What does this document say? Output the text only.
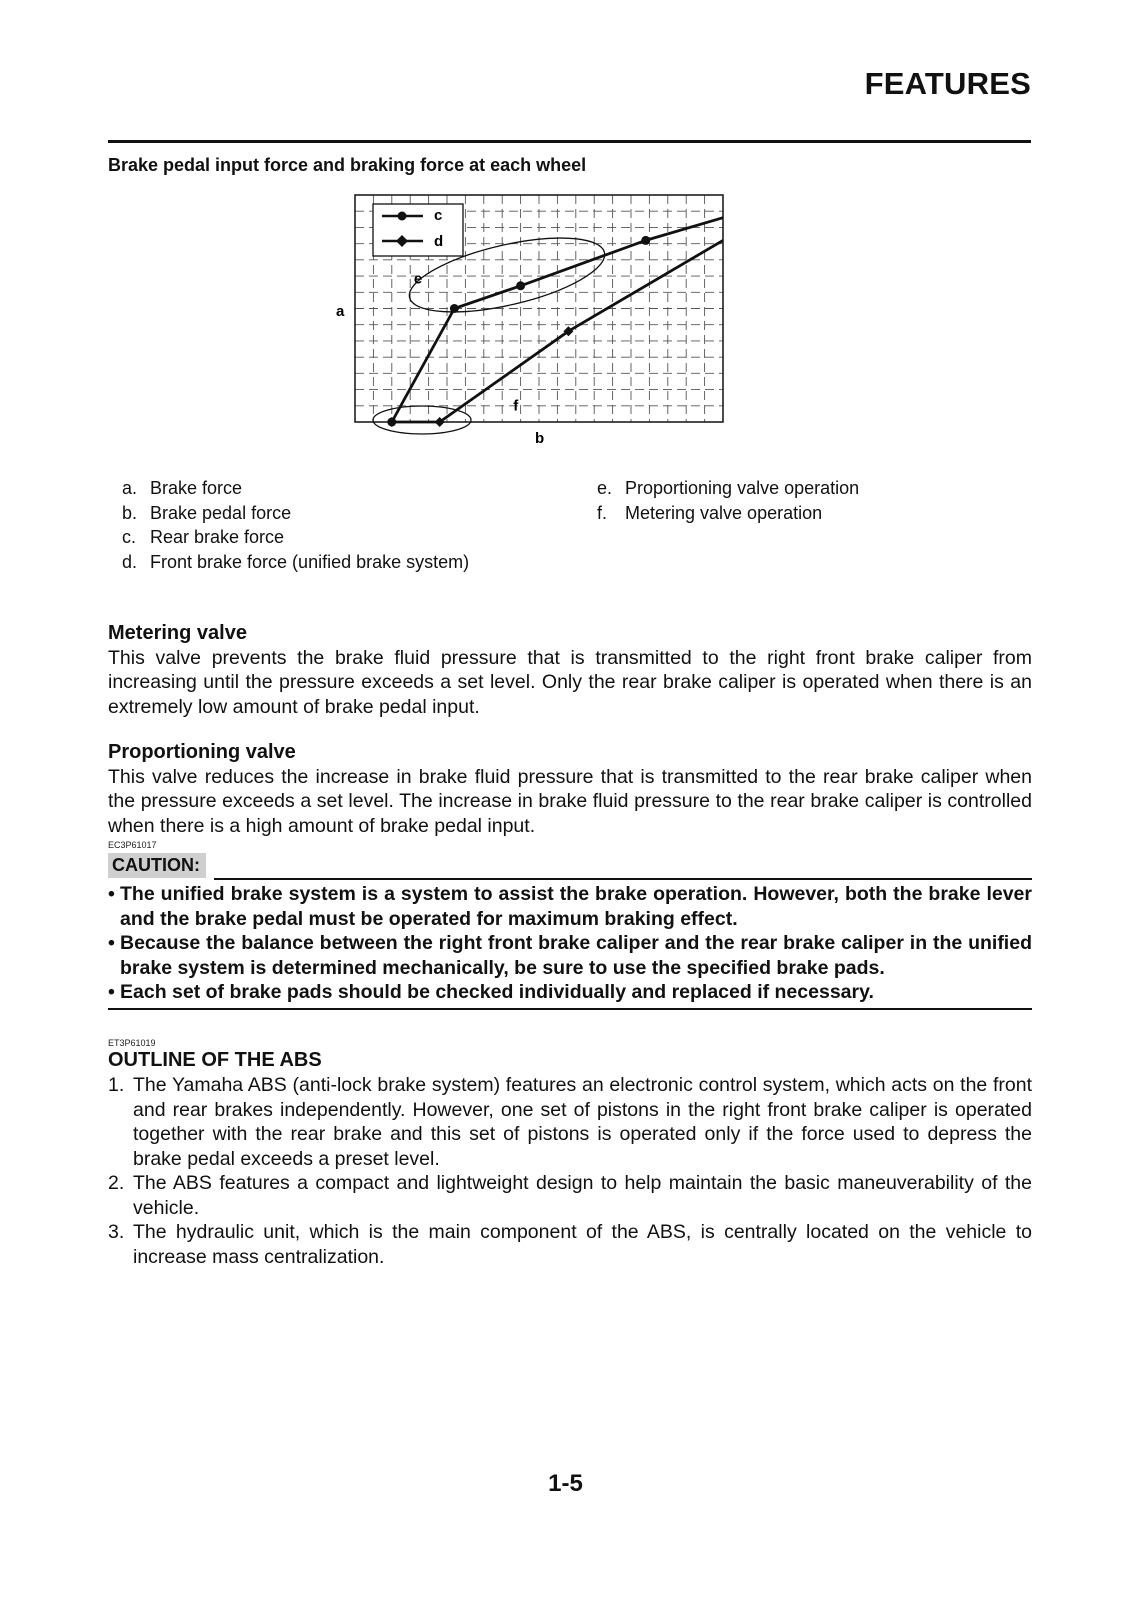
FEATURES
Brake pedal input force and braking force at each wheel
c
d
e
f
a
b
a. Brake force
b. Brake pedal force
c. Rear brake force
d. Front brake force (unified brake system)
e. Proportioning valve operation
f. Metering valve operation
Metering valve

This valve prevents the brake fluid pressure that is transmitted to the right front brake caliper from increasing until the pressure exceeds a set level. Only the rear brake caliper is operated when there is an extremely low amount of brake pedal input.

Proportioning valve

This valve reduces the increase in brake fluid pressure that is transmitted to the rear brake caliper when the pressure exceeds a set level. The increase in brake fluid pressure to the rear brake caliper is controlled when there is a high amount of brake pedal input.

EC3P61017
CAUTION:
• The unified brake system is a system to assist the brake operation. However, both the brake lever and the brake pedal must be operated for maximum braking effect.
• Because the balance between the right front brake caliper and the rear brake caliper in the unified brake system is determined mechanically, be sure to use the specified brake pads.
• Each set of brake pads should be checked individually and replaced if necessary.
ET3P61019
OUTLINE OF THE ABS
1. The Yamaha ABS (anti-lock brake system) features an electronic control system, which acts on the front and rear brakes independently. However, one set of pistons in the right front brake caliper is operated together with the rear brake and this set of pistons is operated only if the force used to depress the brake pedal exceeds a preset level.
2. The ABS features a compact and lightweight design to help maintain the basic maneuverability of the vehicle.
3. The hydraulic unit, which is the main component of the ABS, is centrally located on the vehicle to increase mass centralization.
1-5
